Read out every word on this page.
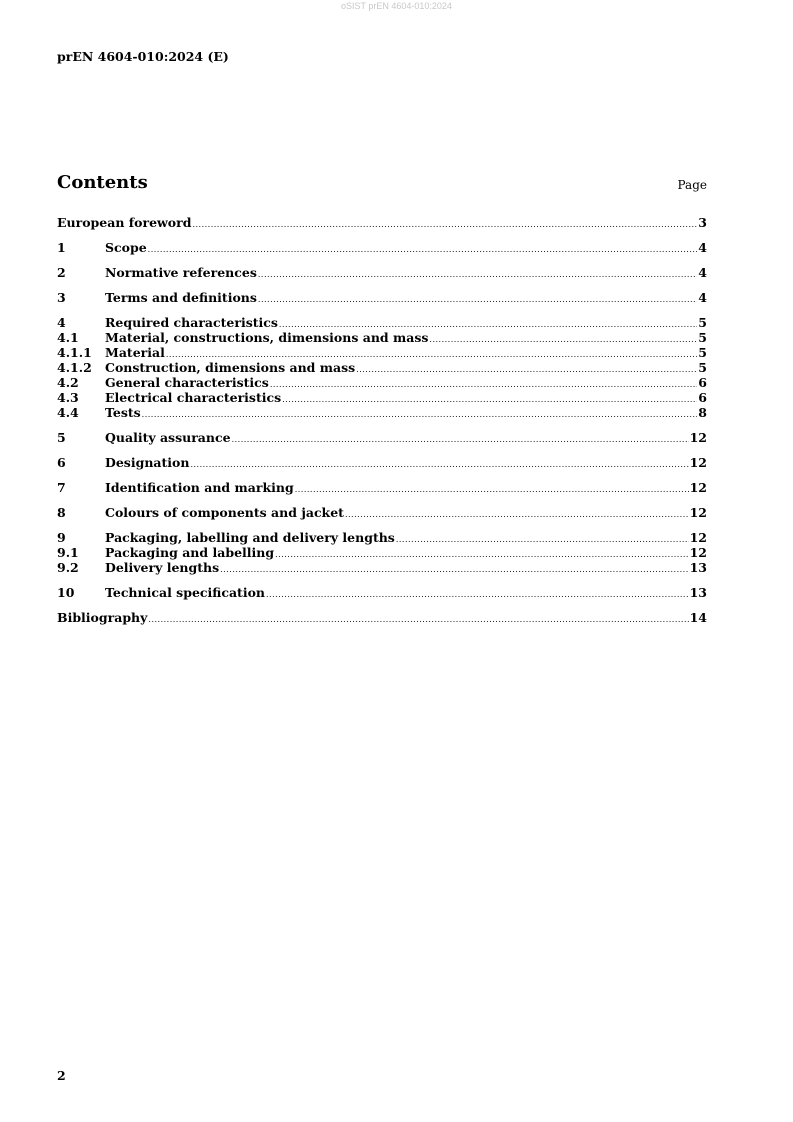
oSIST prEN 4604-010:2024
prEN 4604-010:2024 (E)
Contents	Page
European foreword .....	3
1	Scope .....	4
2	Normative references .....	4
3	Terms and definitions .....	4
4	Required characteristics .....	5
4.1	Material, constructions, dimensions and mass .....	5
4.1.1	Material .....	5
4.1.2	Construction, dimensions and mass .....	5
4.2	General characteristics .....	6
4.3	Electrical characteristics .....	6
4.4	Tests .....	8
5	Quality assurance .....	12
6	Designation .....	12
7	Identification and marking .....	12
8	Colours of components and jacket .....	12
9	Packaging, labelling and delivery lengths .....	12
9.1	Packaging and labelling .....	12
9.2	Delivery lengths .....	13
10	Technical specification .....	13
Bibliography .....	14
2
